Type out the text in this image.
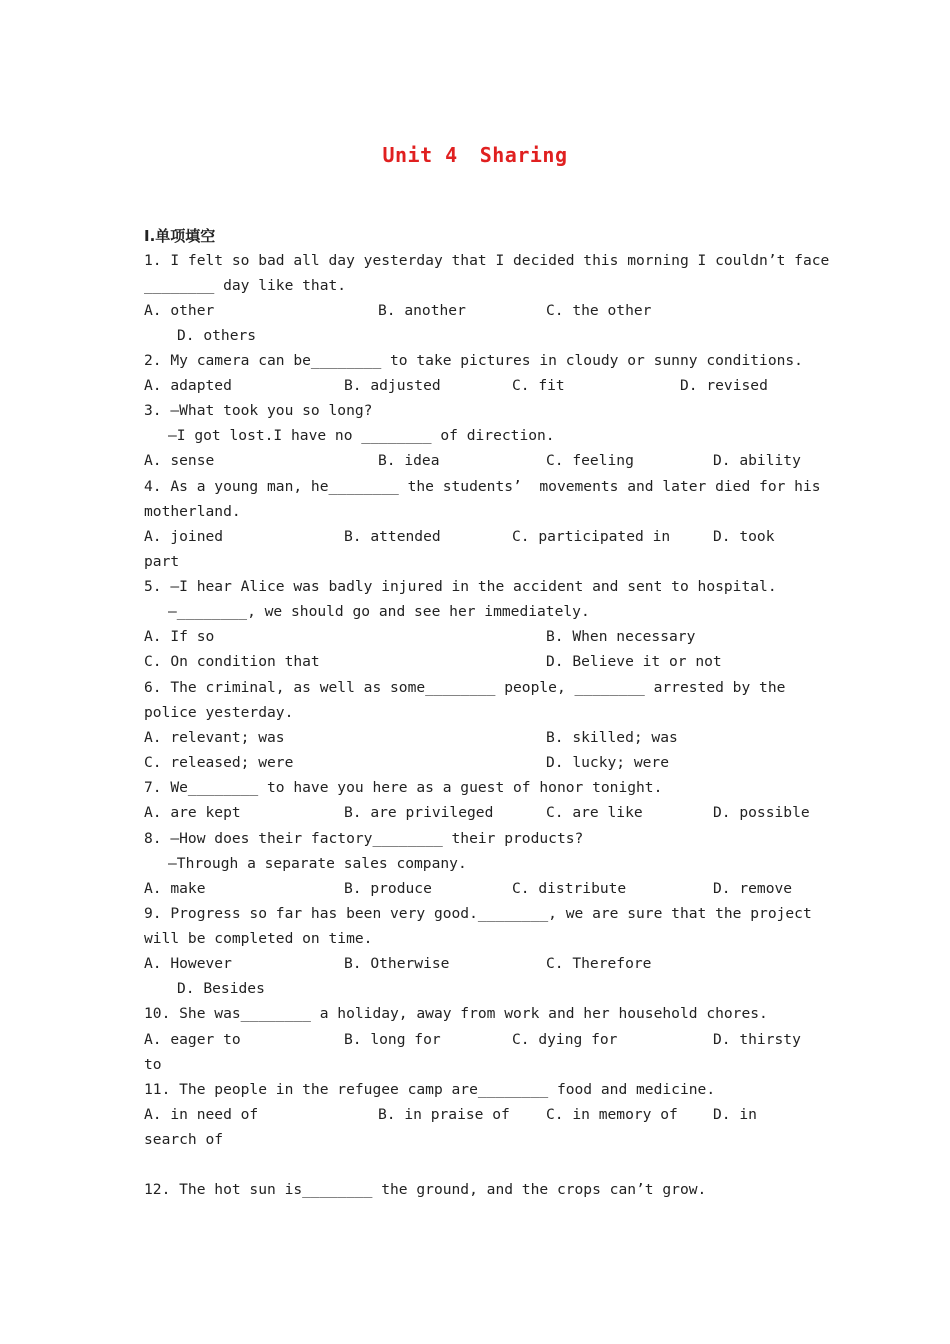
Unit 4 Sharing
Ⅰ.单项填空
1. I felt so bad all day yesterday that I decided this morning I couldn’t face
________ day like that.
A. other	B. another	C. the other
D. others
2. My camera can be________ to take pictures in cloudy or sunny conditions.
A. adapted	B. adjusted	C. fit	D. revised
3. —What took you so long?
—I got lost.I have no ________ of direction.
A. sense	B. idea	C. feeling	D. ability
4. As a young man, he________ the students’  movements and later died for his
motherland.
A. joined	B. attended	C. participated in	D. took
part
5. —I hear Alice was badly injured in the accident and sent to hospital.
—________, we should go and see her immediately.
A. If so	B. When necessary
C. On condition that	D. Believe it or not
6. The criminal, as well as some________ people, ________ arrested by the
police yesterday.
A. relevant; was	B. skilled; was
C. released; were	D. lucky; were
7. We________ to have you here as a guest of honor tonight.
A. are kept	B. are privileged	C. are like	D. possible
8. —How does their factory________ their products?
—Through a separate sales company.
A. make	B. produce	C. distribute	D. remove
9. Progress so far has been very good.________, we are sure that the project
will be completed on time.
A. However	B. Otherwise	C. Therefore
D. Besides
10. She was________ a holiday, away from work and her household chores.
A. eager to	B. long for	C. dying for	D. thirsty
to
11. The people in the refugee camp are________ food and medicine.
A. in need of	B. in praise of C. in memory of D. in
search of
12. The hot sun is________ the ground, and the crops can’t grow.
